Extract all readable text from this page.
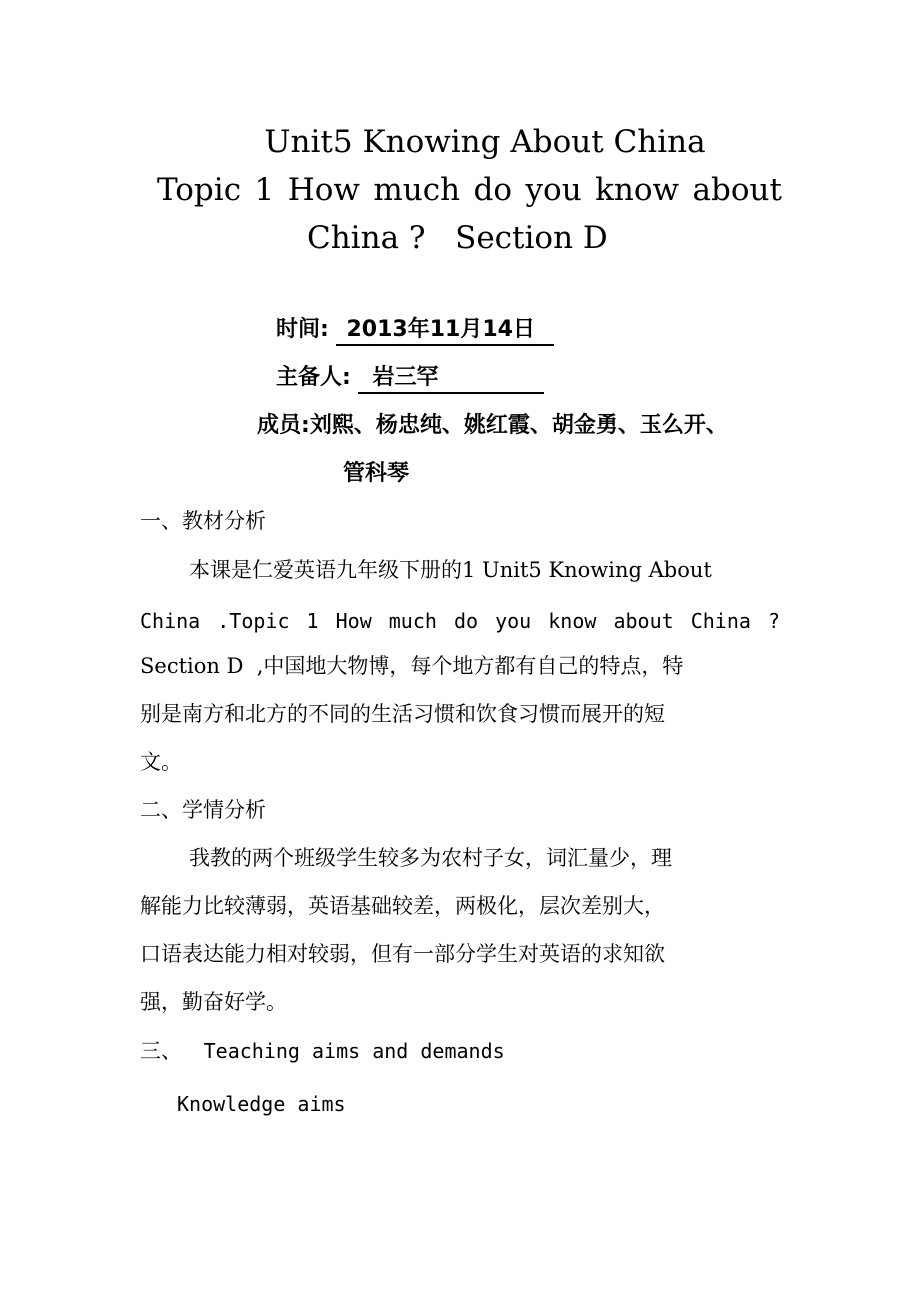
Unit5 Knowing About China
Topic 1 How much do you know about
China ?   Section D
时间: 2013年11月14日
主备人: 岩三罕
成员:刘熙、杨忠纯、姚红霞、胡金勇、玉么开、
管科琴
一、教材分析
本课是仁爱英语九年级下册的1 Unit5 Knowing About
China .Topic 1 How much do you know about China ?
Section D  ,中国地大物博，每个地方都有自己的特点，特
别是南方和北方的不同的生活习惯和饮食习惯而展开的短
文。
二、学情分析
我教的两个班级学生较多为农村子女，词汇量少，理
解能力比较薄弱，英语基础较差，两极化，层次差别大，
口语表达能力相对较弱，但有一部分学生对英语的求知欲
强，勤奋好学。
三、 Teaching aims and demands
Knowledge aims
